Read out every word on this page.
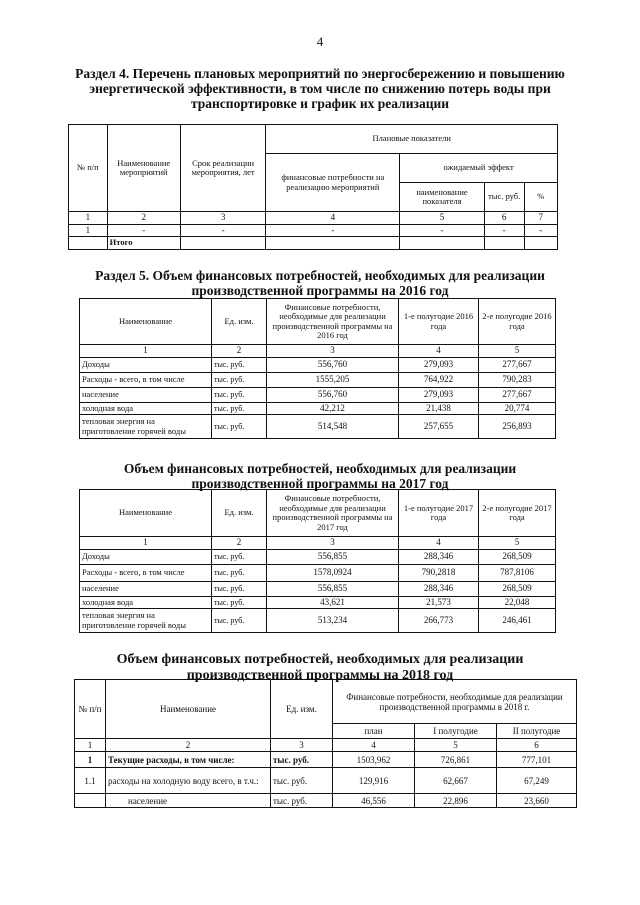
4
Раздел 4. Перечень плановых мероприятий по энергосбережению и повышению
энергетической эффективности, в том числе по снижению потерь воды при
транспортировке и график их реализации
№ п/п	Наименование мероприятий	Срок реализации мероприятия, лет	Плановые показатели			
			финансовые потребности на реализацию мероприятий	ожидаемый эффект		
				наименование показателя	тыс. руб.	%
1	2	3	4	5	6	7
1	-	-	-	-	-	-
	Итого					
Раздел 5. Объем финансовых потребностей, необходимых для реализации
производственной программы на 2016 год
Наименование	Ед. изм.	Финансовые потребности, необходимые для реализации производственной программы на 2016 год	1-е полугодие 2016 года	2-е полугодие 2016 года
1	2	3	4	5
Доходы	тыс. руб.	556,760	279,093	277,667
Расходы - всего, в том числе	тыс. руб.	1555,205	764,922	790,283
население	тыс. руб.	556,760	279,093	277,667
холодная вода	тыс. руб.	42,212	21,438	20,774
тепловая энергия на приготовление горячей воды	тыс. руб.	514,548	257,655	256,893
Объем финансовых потребностей, необходимых для реализации
производственной программы на 2017 год
Наименование	Ед. изм.	Финансовые потребности, необходимые для реализации производственной программы на 2017 год	1-е полугодие 2017 года	2-е полугодие 2017 года
1	2	3	4	5
Доходы	тыс. руб.	556,855	288,346	268,509
Расходы - всего, в том числе	тыс. руб.	1578,0924	790,2818	787,8106
население	тыс. руб.	556,855	288,346	268,509
холодная вода	тыс. руб.	43,621	21,573	22,048
тепловая энергия на приготовление горячей воды	тыс. руб.	513,234	266,773	246,461
Объем финансовых потребностей, необходимых для реализации
производственной программы на 2018 год
№ п/п	Наименование	Ед. изм.	Финансовые потребности, необходимые для реализации производственной программы в 2018 г.		
			план	I полугодие	II полугодие
1	2	3	4	5	6
1	Текущие расходы, в том числе:	тыс. руб.	1503,962	726,861	777,101
1.1	расходы на холодную воду всего, в т.ч.:	тыс. руб.	129,916	62,667	67,249
	население	тыс. руб.	46,556	22,896	23,660
